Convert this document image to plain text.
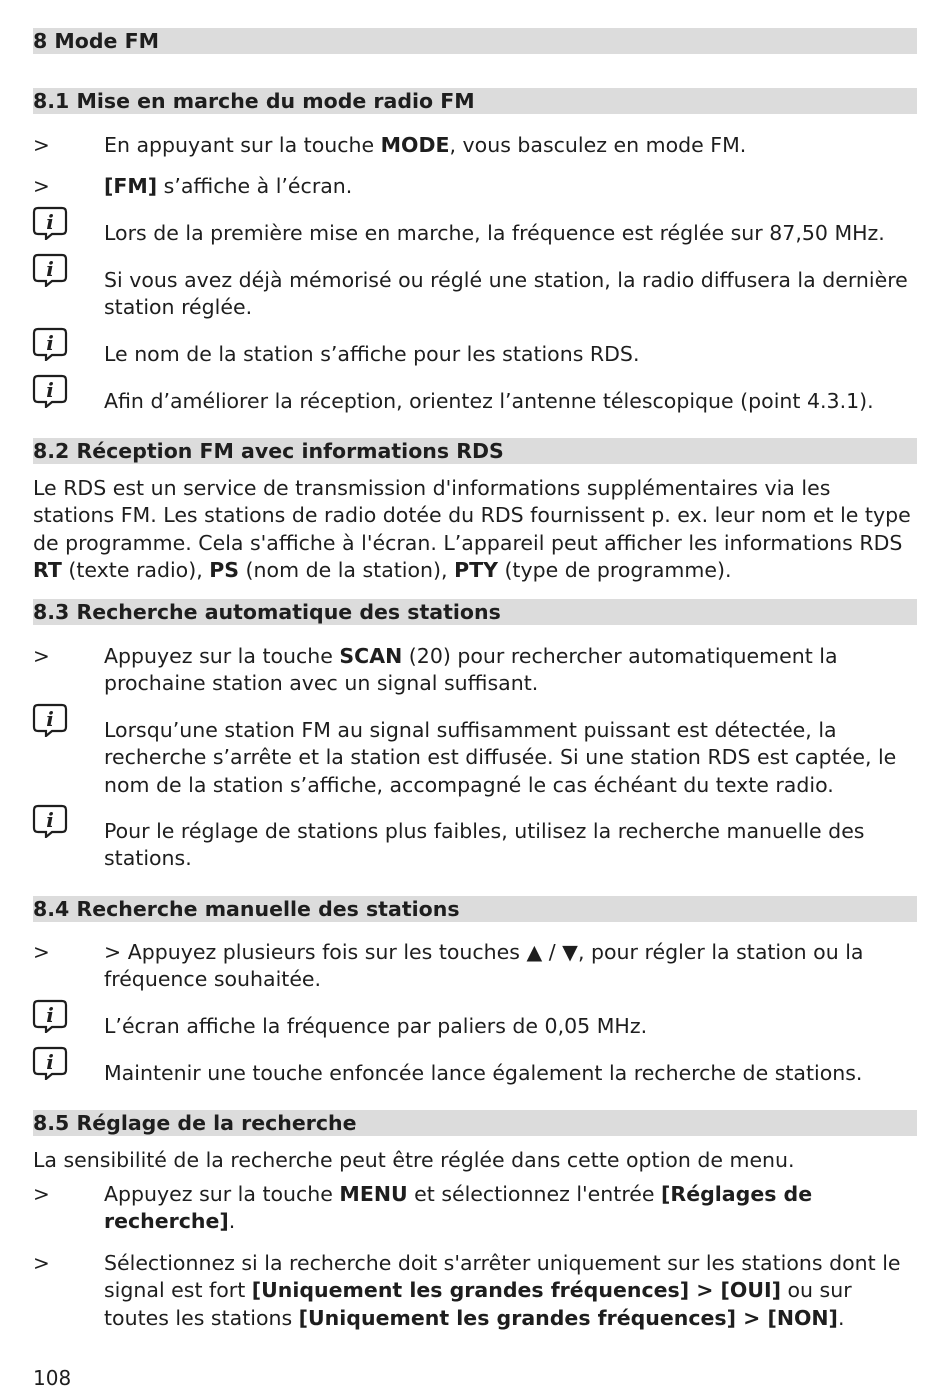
8 Mode FM
8.1 Mise en marche du mode radio FM
>	En appuyant sur la touche MODE, vous basculez en mode FM.
>	[FM] s’affiche à l’écran.
i Lors de la première mise en marche, la fréquence est réglée sur 87,50 MHz.
i Si vous avez déjà mémorisé ou réglé une station, la radio diffusera la dernière station réglée.
i Le nom de la station s’affiche pour les stations RDS.
i Afin d’améliorer la réception, orientez l’antenne télescopique (point 4.3.1).
8.2 Réception FM avec informations RDS
Le RDS est un service de transmission d'informations supplémentaires via les stations FM. Les stations de radio dotée du RDS fournissent p. ex. leur nom et le type de programme. Cela s'affiche à l'écran. L’appareil peut afficher les informations RDS RT (texte radio), PS (nom de la station), PTY (type de programme).
8.3 Recherche automatique des stations
>	Appuyez sur la touche SCAN (20) pour rechercher automatiquement la prochaine station avec un signal suffisant.
i Lorsqu’une station FM au signal suffisamment puissant est détectée, la recherche s’arrête et la station est diffusée. Si une station RDS est captée, le nom de la station s’affiche, accompagné le cas échéant du texte radio.
i Pour le réglage de stations plus faibles, utilisez la recherche manuelle des stations.
8.4 Recherche manuelle des stations
>	> Appuyez plusieurs fois sur les touches ▲ / ▼, pour régler la station ou la fréquence souhaitée.
i L’écran affiche la fréquence par paliers de 0,05 MHz.
i Maintenir une touche enfoncée lance également la recherche de stations.
8.5 Réglage de la recherche
La sensibilité de la recherche peut être réglée dans cette option de menu.
>	Appuyez sur la touche MENU et sélectionnez l'entrée [Réglages de recherche].
>	Sélectionnez si la recherche doit s'arrêter uniquement sur les stations dont le signal est fort [Uniquement les grandes fréquences] > [OUI] ou sur toutes les stations [Uniquement les grandes fréquences] > [NON].
108
